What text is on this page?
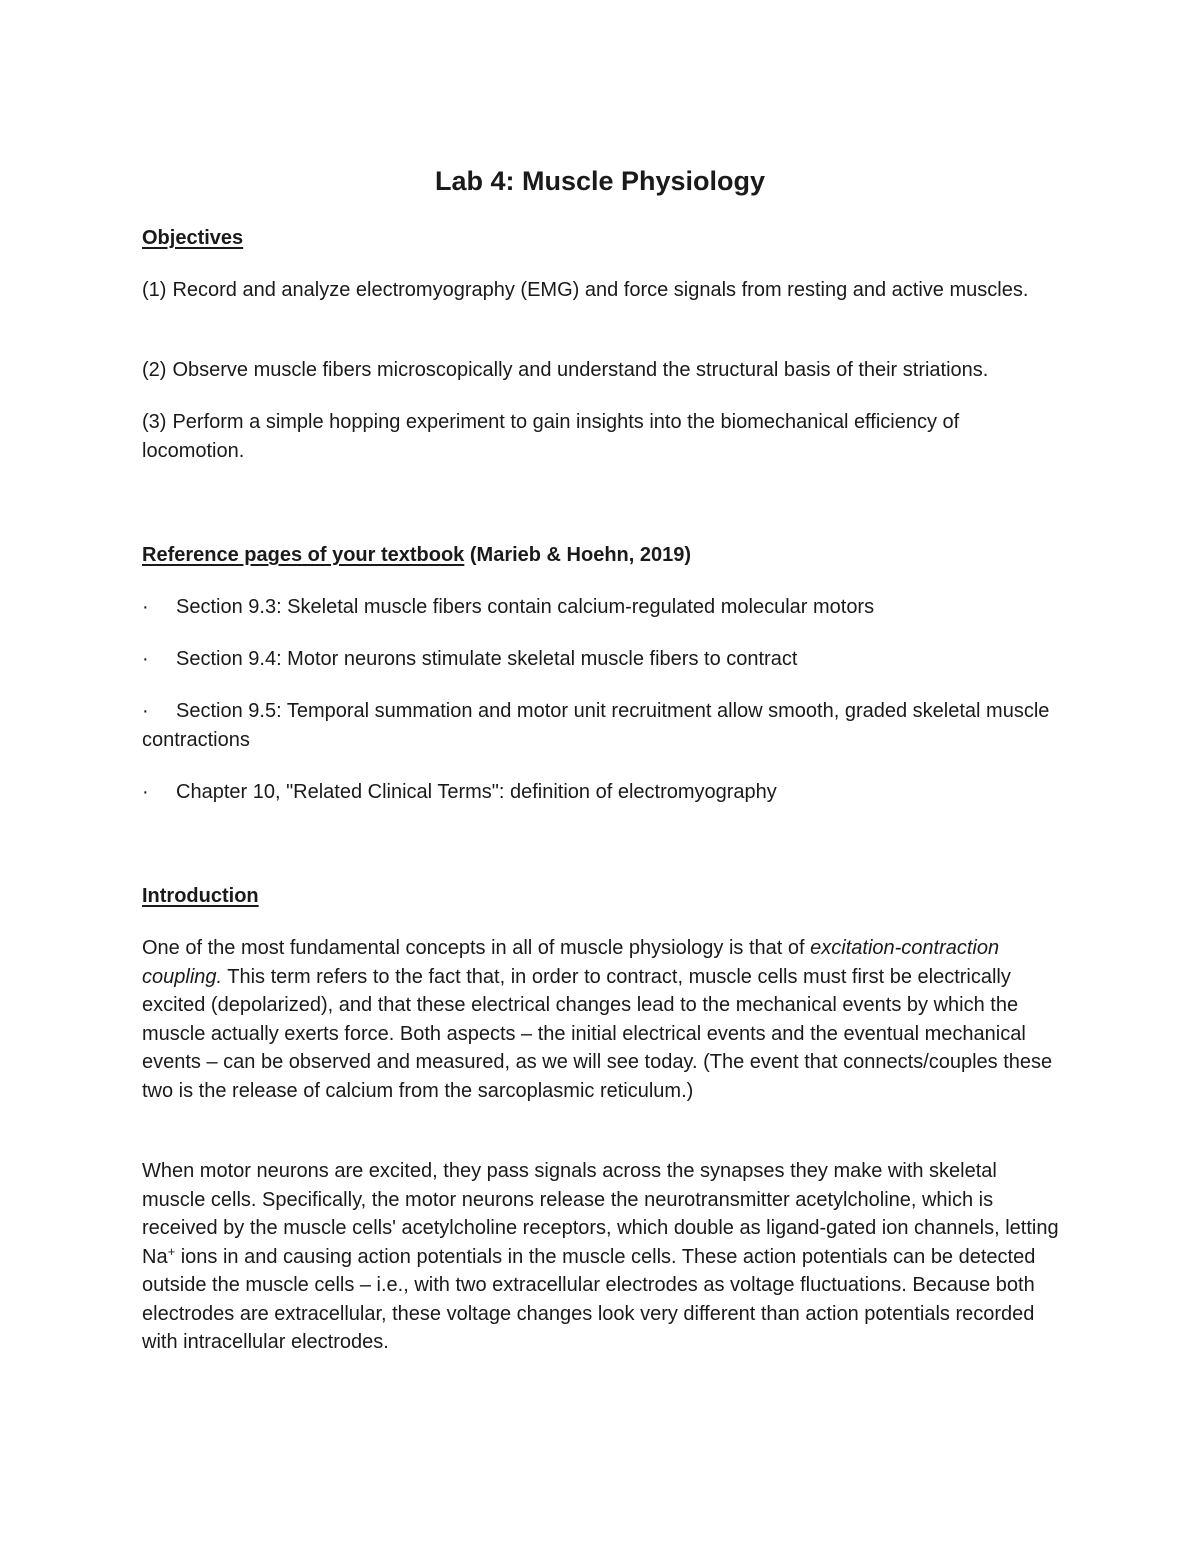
Lab 4: Muscle Physiology
Objectives

(1) Record and analyze electromyography (EMG) and force signals from resting and active muscles.

(2) Observe muscle fibers microscopically and understand the structural basis of their striations.

(3) Perform a simple hopping experiment to gain insights into the biomechanical efficiency of locomotion.

Reference pages of your textbook (Marieb & Hoehn, 2019)

· Section 9.3: Skeletal muscle fibers contain calcium-regulated molecular motors

· Section 9.4: Motor neurons stimulate skeletal muscle fibers to contract

· Section 9.5: Temporal summation and motor unit recruitment allow smooth, graded skeletal muscle contractions

· Chapter 10, "Related Clinical Terms": definition of electromyography

Introduction

One of the most fundamental concepts in all of muscle physiology is that of excitation-contraction coupling. This term refers to the fact that, in order to contract, muscle cells must first be electrically excited (depolarized), and that these electrical changes lead to the mechanical events by which the muscle actually exerts force. Both aspects – the initial electrical events and the eventual mechanical events – can be observed and measured, as we will see today. (The event that connects/couples these two is the release of calcium from the sarcoplasmic reticulum.)

When motor neurons are excited, they pass signals across the synapses they make with skeletal muscle cells. Specifically, the motor neurons release the neurotransmitter acetylcholine, which is received by the muscle cells' acetylcholine receptors, which double as ligand-gated ion channels, letting Na+ ions in and causing action potentials in the muscle cells. These action potentials can be detected outside the muscle cells – i.e., with two extracellular electrodes as voltage fluctuations. Because both electrodes are extracellular, these voltage changes look very different than action potentials recorded with intracellular electrodes.
